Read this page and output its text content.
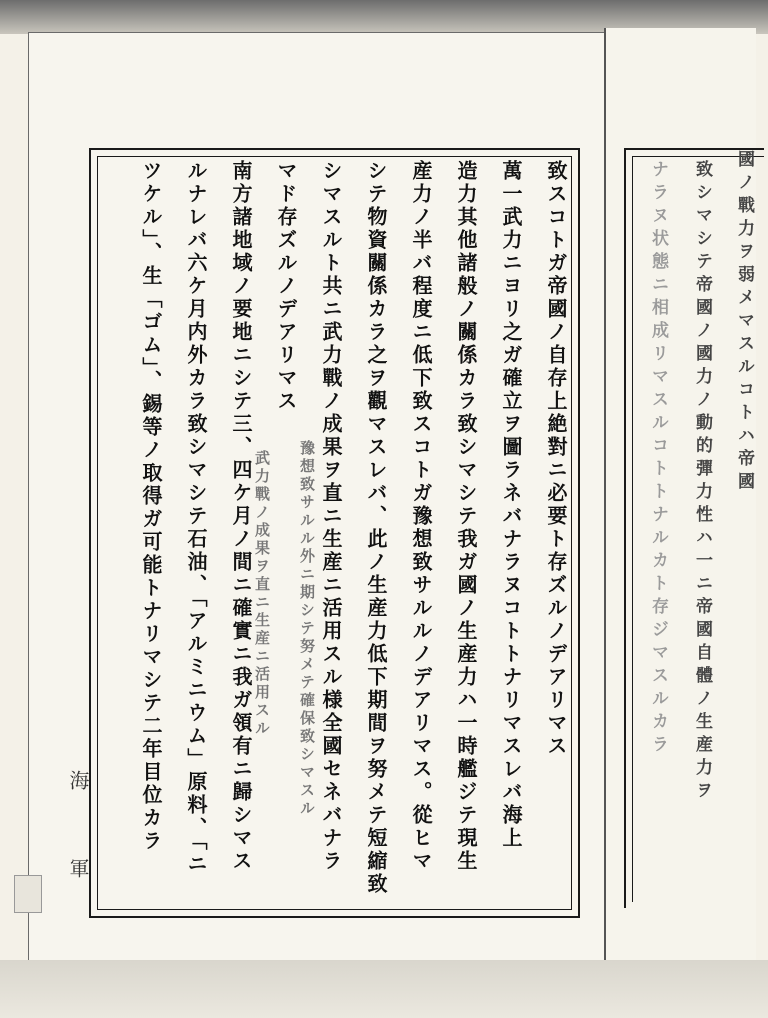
致スコトガ帝國ノ自存上絶對ニ必要ト存ズルノデアリマス
萬一武力ニヨリ之ガ確立ヲ圖ラネバナラヌコトトナリマスレバ海上
造力其他諸般ノ關係カラ致シマシテ我ガ國ノ生産力ハ一時艦ジテ現生
産力ノ半バ程度ニ低下致スコトガ豫想致サルルノデアリマス。從ヒマ
シテ物資關係カラ之ヲ觀マスレバ、此ノ生産力低下期間ヲ努メテ短縮致
シマスルト共ニ武力戰ノ成果ヲ直ニ生産ニ活用スル様全國セネバナラ
マド存ズルノデアリマス
南方諸地域ノ要地ニシテ三、四ケ月ノ間ニ確實ニ我ガ領有ニ歸シマス
ルナレバ六ケ月内外カラ致シマシテ石油、「アルミニウム」原料、「ニ
ツケル」、生「ゴム」、錫等ノ取得ガ可能トナリマシテ二年目位カラ	豫想致サルル外ニ期シテ努メテ確保致シマスル
武力戰ノ成果ヲ直ニ生産ニ活用スル
國ノ戰力ヲ弱メマスルコトハ帝國
致シマシテ帝國ノ國力ノ動的彈力性ハ一ニ帝國自體ノ生産力ヲ
ナラヌ状態ニ相成リマスルコトトナルカト存ジマスルカラ
海
軍
